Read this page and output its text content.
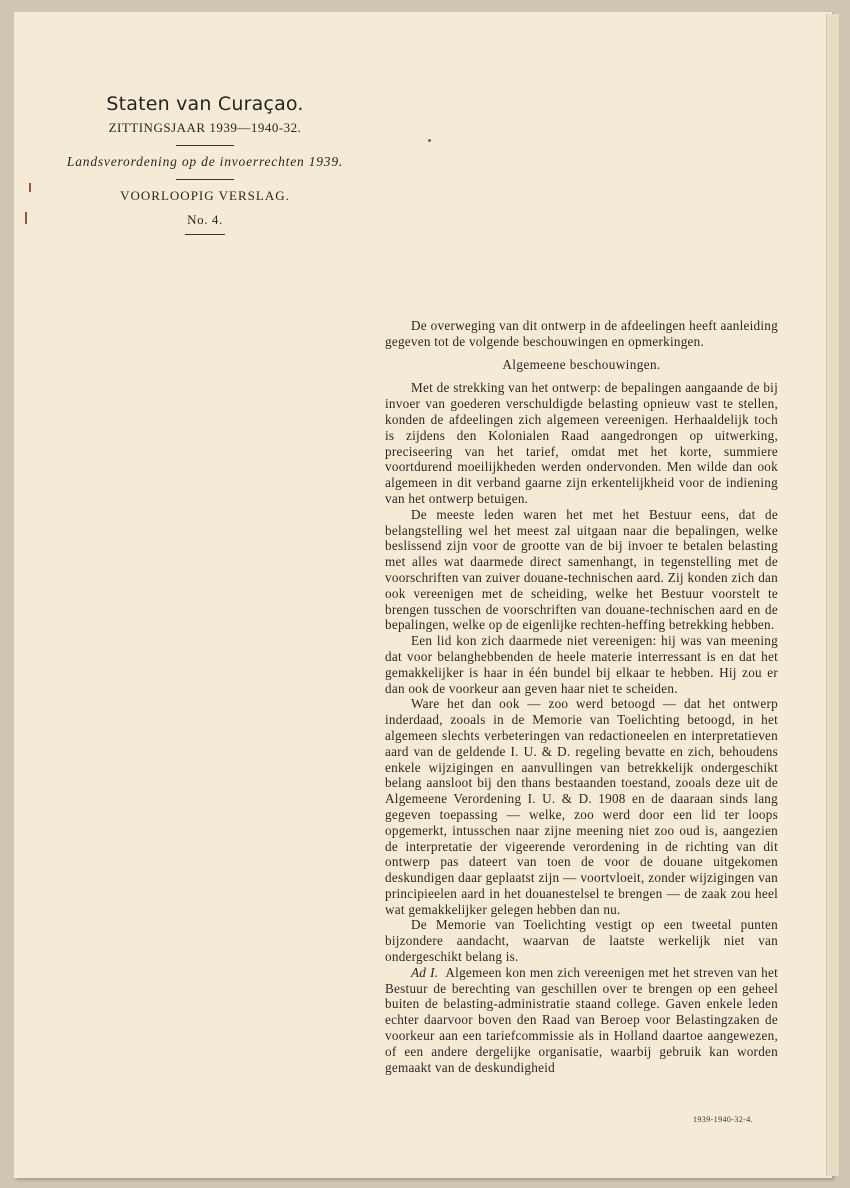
Staten van Curaçao.
ZITTINGSJAAR 1939—1940-32.
Landsverordening op de invoerrechten 1939.
VOORLOOPIG VERSLAG.
No. 4.

De overweging van dit ontwerp in de afdeelingen heeft aanleiding gegeven tot de volgende beschouwingen en opmerkingen.

Algemeene beschouwingen.

Met de strekking van het ontwerp: de bepalingen aangaande de bij invoer van goederen verschuldigde belasting opnieuw vast te stellen, konden de afdeelingen zich algemeen vereenigen. Herhaaldelijk toch is zijdens den Kolonialen Raad aangedrongen op uitwerking, preciseering van het tarief, omdat met het korte, summiere voortdurend moeilijkheden werden ondervonden. Men wilde dan ook algemeen in dit verband gaarne zijn erkentelijkheid voor de indiening van het ontwerp betuigen.

De meeste leden waren het met het Bestuur eens, dat de belangstelling wel het meest zal uitgaan naar die bepalingen, welke beslissend zijn voor de grootte van de bij invoer te betalen belasting met alles wat daarmede direct samenhangt, in tegenstelling met de voorschriften van zuiver douane-technischen aard. Zij konden zich dan ook vereenigen met de scheiding, welke het Bestuur voorstelt te brengen tusschen de voorschriften van douane-technischen aard en de bepalingen, welke op de eigenlijke rechten-heffing betrekking hebben.

Een lid kon zich daarmede niet vereenigen: hij was van meening dat voor belanghebbenden de heele materie interressant is en dat het gemakkelijker is haar in één bundel bij elkaar te hebben. Hij zou er dan ook de voorkeur aan geven haar niet te scheiden.

Ware het dan ook — zoo werd betoogd — dat het ontwerp inderdaad, zooals in de Memorie van Toelichting betoogd, in het algemeen slechts verbeteringen van redactioneelen en interpretatieven aard van de geldende I. U. & D. regeling bevatte en zich, behoudens enkele wijzigingen en aanvullingen van betrekkelijk ondergeschikt belang aansloot bij den thans bestaanden toestand, zooals deze uit de Algemeene Verordening I. U. & D. 1908 en de daaraan sinds lang gegeven toepassing — welke, zoo werd door een lid ter loops opgemerkt, intusschen naar zijne meening niet zoo oud is, aangezien de interpretatie der vigeerende verordening in de richting van dit ontwerp pas dateert van toen de voor de douane uitgekomen deskundigen daar geplaatst zijn — voortvloeit, zonder wijzigingen van principieelen aard in het douanestelsel te brengen — de zaak zou heel wat gemakkelijker gelegen hebben dan nu.

De Memorie van Toelichting vestigt op een tweetal punten bijzondere aandacht, waarvan de laatste werkelijk niet van ondergeschikt belang is.

Ad I. Algemeen kon men zich vereenigen met het streven van het Bestuur de berechting van geschillen over te brengen op een geheel buiten de belasting-administratie staand college. Gaven enkele leden echter daarvoor boven den Raad van Beroep voor Belastingzaken de voorkeur aan een tariefcommissie als in Holland daartoe aangewezen, of een andere dergelijke organisatie, waarbij gebruik kan worden gemaakt van de deskundigheid

1939-1940-32-4.
